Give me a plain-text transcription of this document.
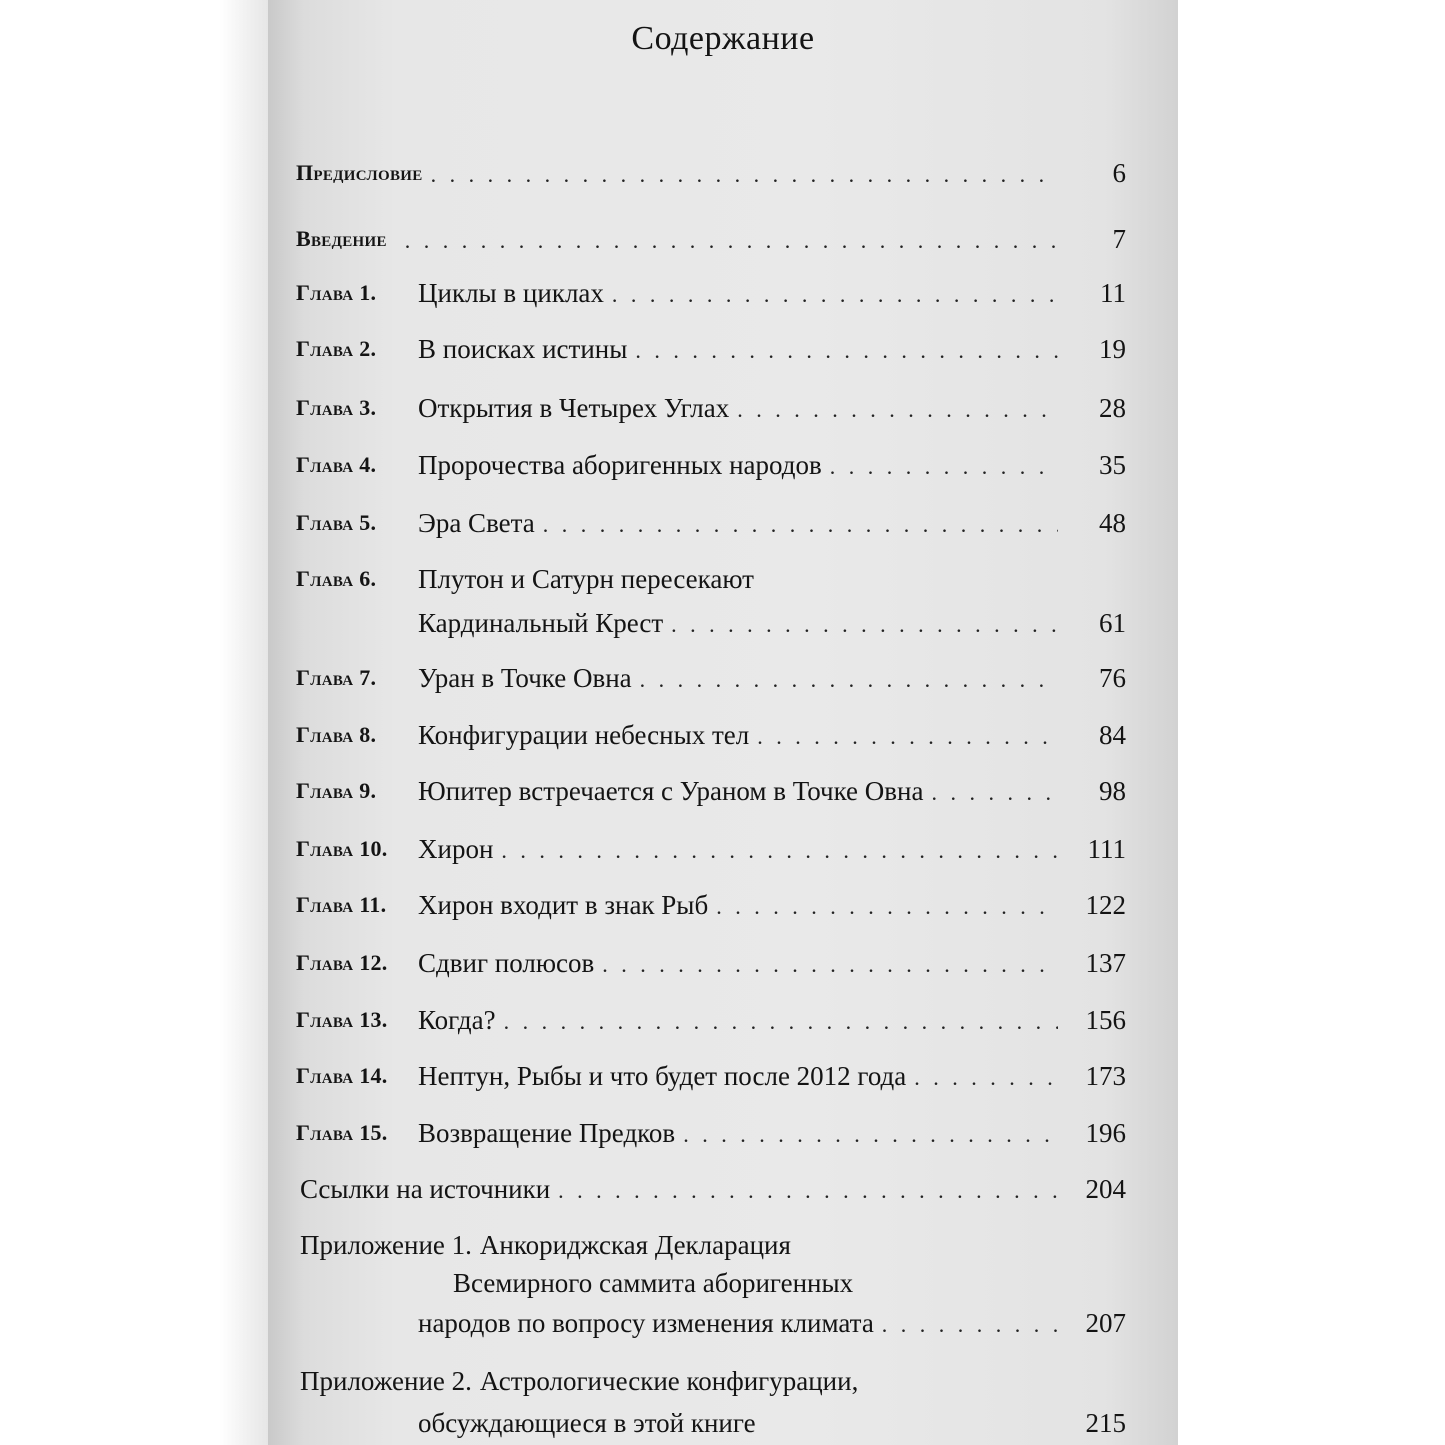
Содержание
Предисловие . . .	6
Введение . . .	7
Глава 1.	Циклы в циклах . . .	11
Глава 2.	В поисках истины . . .	19
Глава 3.	Открытия в Четырех Углах . . .	28
Глава 4.	Пророчества аборигенных народов . . .	35
Глава 5.	Эра Света . . .	48
Глава 6.	Плутон и Сатурн пересекают
Кардинальный Крест . . .	61
Глава 7.	Уран в Точке Овна . . .	76
Глава 8.	Конфигурации небесных тел . . .	84
Глава 9.	Юпитер встречается с Ураном в Точке Овна . . .	98
Глава 10.	Хирон . . .	111
Глава 11.	Хирон входит в знак Рыб . . .	122
Глава 12.	Сдвиг полюсов . . .	137
Глава 13.	Когда? . . .	156
Глава 14.	Нептун, Рыбы и что будет после 2012 года . . .	173
Глава 15.	Возвращение Предков . . .	196
Ссылки на источники . . .	204
Приложение 1. Анкориджская Декларация
Всемирного саммита аборигенных
народов по вопросу изменения климата . . .	207
Приложение 2. Астрологические конфигурации,
обсуждающиеся в этой книге	215
